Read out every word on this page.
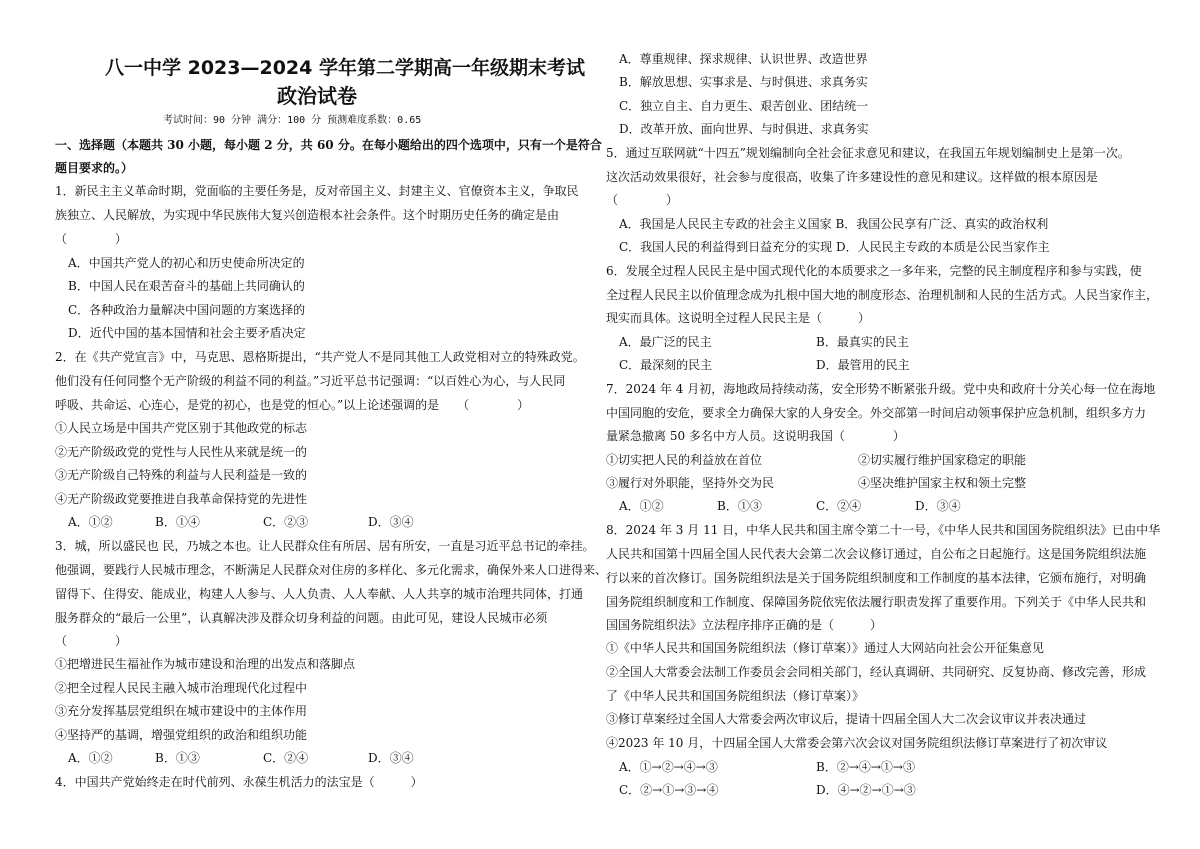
八一中学 2023—2024 学年第二学期高一年级期末考试
政治试卷
考试时间：90 分钟 满分：100 分 预测难度系数：0.65
一、选择题（本题共 30 小题，每小题 2 分，共 60 分。在每小题给出的四个选项中，只有一个是符合
题目要求的。）
1．新民主主义革命时期，党面临的主要任务是，反对帝国主义、封建主义、官僚资本主义，争取民
族独立、人民解放，为实现中华民族伟大复兴创造根本社会条件。这个时期历史任务的确定是由
（　　　　）
A．中国共产党人的初心和历史使命所决定的
B．中国人民在艰苦奋斗的基础上共同确认的
C．各种政治力量解决中国问题的方案选择的
D．近代中国的基本国情和社会主要矛盾决定
2．在《共产党宣言》中，马克思、恩格斯提出，“共产党人不是同其他工人政党相对立的特殊政党。
他们没有任何同整个无产阶级的利益不同的利益。”习近平总书记强调：“以百姓心为心，与人民同
呼吸、共命运、心连心，是党的初心，也是党的恒心。”以上论述强调的是　　（　　　　）
①人民立场是中国共产党区别于其他政党的标志
②无产阶级政党的党性与人民性从来就是统一的
③无产阶级自己特殊的利益与人民利益是一致的
④无产阶级政党要推进自我革命保持党的先进性
A．①②	B．①④	C．②③	D．③④
3．城，所以盛民也 民，乃城之本也。让人民群众住有所居、居有所安，一直是习近平总书记的牵挂。
他强调，要践行人民城市理念，不断满足人民群众对住房的多样化、多元化需求，确保外来人口进得来、
留得下、住得安、能成业，构建人人参与、人人负责、人人奉献、人人共享的城市治理共同体，打通
服务群众的“最后一公里”，认真解决涉及群众切身利益的问题。由此可见，建设人民城市必须
（　　　　）
①把增进民生福祉作为城市建设和治理的出发点和落脚点
②把全过程人民民主融入城市治理现代化过程中
③充分发挥基层党组织在城市建设中的主体作用
④坚持严的基调，增强党组织的政治和组织功能
A．①②	B．①③	C．②④	D．③④
4．中国共产党始终走在时代前列、永葆生机活力的法宝是（　　　）
A．尊重规律、探求规律、认识世界、改造世界
B．解放思想、实事求是、与时俱进、求真务实
C．独立自主、自力更生、艰苦创业、团结统一
D．改革开放、面向世界、与时俱进、求真务实
5．通过互联网就“十四五”规划编制向全社会征求意见和建议，在我国五年规划编制史上是第一次。
这次活动效果很好，社会参与度很高，收集了许多建设性的意见和建议。这样做的根本原因是
（　　　　）
A．我国是人民民主专政的社会主义国家 B．我国公民享有广泛、真实的政治权利
C．我国人民的利益得到日益充分的实现 D．人民民主专政的本质是公民当家作主
6．发展全过程人民民主是中国式现代化的本质要求之一多年来，完整的民主制度程序和参与实践，使
全过程人民民主以价值理念成为扎根中国大地的制度形态、治理机制和人民的生活方式。人民当家作主，
现实而具体。这说明全过程人民民主是（　　　）
A．最广泛的民主	B．最真实的民主
C．最深刻的民主	D．最管用的民主
7．2024 年 4 月初，海地政局持续动荡，安全形势不断紧张升级。党中央和政府十分关心每一位在海地
中国同胞的安危，要求全力确保大家的人身安全。外交部第一时间启动领事保护应急机制，组织多方力
量紧急撤离 50 多名中方人员。这说明我国（　　　　）
①切实把人民的利益放在首位	②切实履行维护国家稳定的职能
③履行对外职能，坚持外交为民	④坚决维护国家主权和领土完整
A．①②	B．①③	C．②④	D．③④
8．2024 年 3 月 11 日，中华人民共和国主席令第二十一号，《中华人民共和国国务院组织法》已由中华
人民共和国第十四届全国人民代表大会第二次会议修订通过，自公布之日起施行。这是国务院组织法施
行以来的首次修订。国务院组织法是关于国务院组织制度和工作制度的基本法律，它颁布施行，对明确
国务院组织制度和工作制度、保障国务院依宪依法履行职责发挥了重要作用。下列关于《中华人民共和
国国务院组织法》立法程序排序正确的是（　　　）
①《中华人民共和国国务院组织法（修订草案）》通过人大网站向社会公开征集意见
②全国人大常委会法制工作委员会会同相关部门，经认真调研、共同研究、反复协商、修改完善，形成
了《中华人民共和国国务院组织法（修订草案）》
③修订草案经过全国人大常委会两次审议后，提请十四届全国人大二次会议审议并表决通过
④2023 年 10 月，十四届全国人大常委会第六次会议对国务院组织法修订草案进行了初次审议
A．①→②→④→③	B．②→④→①→③
C．②→①→③→④	D．④→②→①→③
